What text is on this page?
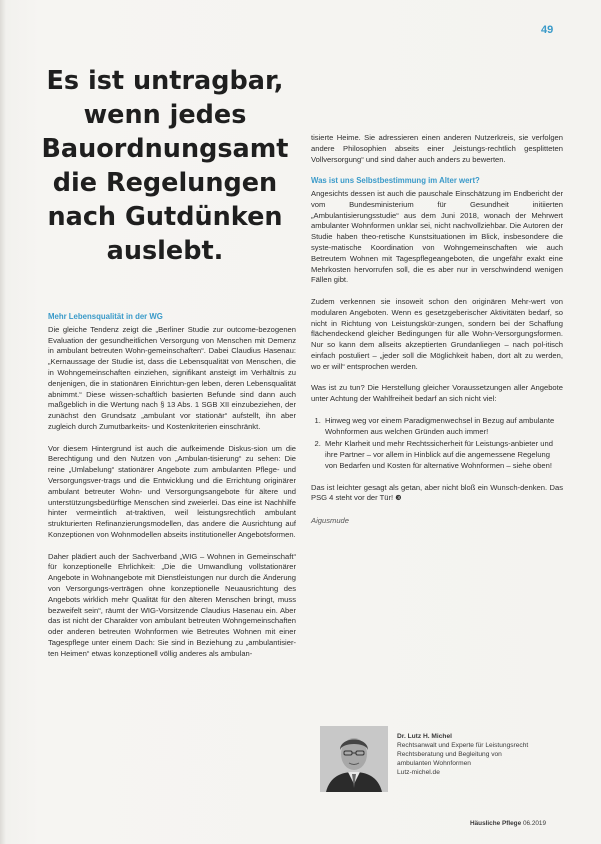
49
Es ist untragbar, wenn jedes Bauordnungsamt die Regelungen nach Gutdünken auslebt.
Mehr Lebensqualität in der WG

Die gleiche Tendenz zeigt die „Berliner Studie zur outcome-bezogenen Evaluation der gesundheitlichen Versorgung von Menschen mit Demenz in ambulant betreuten Wohn-gemeinschaften“. Dabei Claudius Hasenau: „Kernaussage der Studie ist, dass die Lebensqualität von Menschen, die in Wohngemeinschaften einziehen, signifikant ansteigt im Verhältnis zu denjenigen, die in stationären Einrichtun-gen leben, deren Lebensqualität abnimmt.“ Diese wissen-schaftlich basierten Befunde sind dann auch maßgeblich in die Wertung nach § 13 Abs. 1 SGB XII einzubeziehen, der zunächst den Grundsatz „ambulant vor stationär“ aufstellt, ihn aber zugleich durch Zumutbarkeits- und Kostenkriterien einschränkt.

Vor diesem Hintergrund ist auch die aufkeimende Diskus-sion um die Berechtigung und den Nutzen von „Ambulan-tisierung“ zu sehen: Die reine „Umlabelung“ stationärer Angebote zum ambulanten Pflege- und Versorgungsver-trags und die Entwicklung und die Errichtung originärer ambulant betreuter Wohn- und Versorgungsangebote für ältere und unterstützungsbedürftige Menschen sind zweierlei. Das eine ist Nachhilfe hinter vermeintlich at-traktiven, weil leistungsrechtlich ambulant strukturierten Refinanzierungsmodellen, das andere die Ausrichtung auf Konzeptionen von Wohnmodellen abseits institutioneller Angebotsformen.

Daher plädiert auch der Sachverband „WIG – Wohnen in Gemeinschaft“ für konzeptionelle Ehrlichkeit: „Die die Umwandlung vollstationärer Angebote in Wohnangebote mit Dienstleistungen nur durch die Änderung von Versorgungs-verträgen ohne konzeptionelle Neuausrichtung des Angebots wirklich mehr Qualität für den älteren Menschen bringt, muss bezweifelt sein“, räumt der WIG-Vorsitzende Claudius Hasenau ein. Aber das ist nicht der Charakter von ambulant betreuten Wohngemeinschaften oder anderen betreuten Wohnformen wie Betreutes Wohnen mit einer Tagespflege unter einem Dach: Sie sind in Beziehung zu „ambulantisier-ten Heimen“ etwas konzeptionell völlig anderes als ambulan-

tisierte Heime. Sie adressieren einen anderen Nutzerkreis, sie verfolgen andere Philosophien abseits einer „leistungs-rechtlich gesplitteten Vollversorgung“ und sind daher auch anders zu bewerten.

Was ist uns Selbstbestimmung im Alter wert?

Angesichts dessen ist auch die pauschale Einschätzung im Endbericht der vom Bundesministerium für Gesundheit initiierten „Ambulantisierungsstudie“ aus dem Juni 2018, wonach der Mehrwert ambulanter Wohnformen unklar sei, nicht nachvollziehbar. Die Autoren der Studie haben theo-retische Kunstsituationen im Blick, insbesondere die syste-matische Koordination von Wohngemeinschaften wie auch Betreutem Wohnen mit Tagespflegeangeboten, die ungefähr exakt eine Mehrkosten hervorrufen soll, die es aber nur in verschwindend wenigen Fällen gibt.

Zudem verkennen sie insoweit schon den originären Mehr-wert von modularen Angeboten. Wenn es gesetzgeberischer Aktivitäten bedarf, so nicht in Richtung von Leistungskür-zungen, sondern bei der Schaffung flächendeckend gleicher Bedingungen für alle Wohn-Versorgungsformen. Nur so kann dem allseits akzeptierten Grundanliegen – nach pol-itisch einfach postuliert – „jeder soll die Möglichkeit haben, dort alt zu werden, wo er will“ entsprochen werden.

Was ist zu tun? Die Herstellung gleicher Voraussetzungen aller Angebote unter Achtung der Wahlfreiheit bedarf an sich nicht viel:

1. Hinweg weg vor einem Paradigmenwechsel in Bezug auf ambulante Wohnformen aus welchen Gründen auch immer!
2. Mehr Klarheit und mehr Rechtssicherheit für Leistungs-anbieter und ihre Partner – vor allem in Hinblick auf die angemessene Regelung von Bedarfen und Kosten für alternative Wohnformen – siehe oben!

Das ist leichter gesagt als getan, aber nicht bloß ein Wunsch-denken. Das PSG 4 steht vor der Tür! ❸

Aigusmude
Dr. Lutz H. Michel
Rechtsanwalt und Experte für Leistungsrecht
Rechtsberatung und Begleitung von
ambulanten Wohnformen
Lutz-michel.de
Häusliche Pflege 06.2019
